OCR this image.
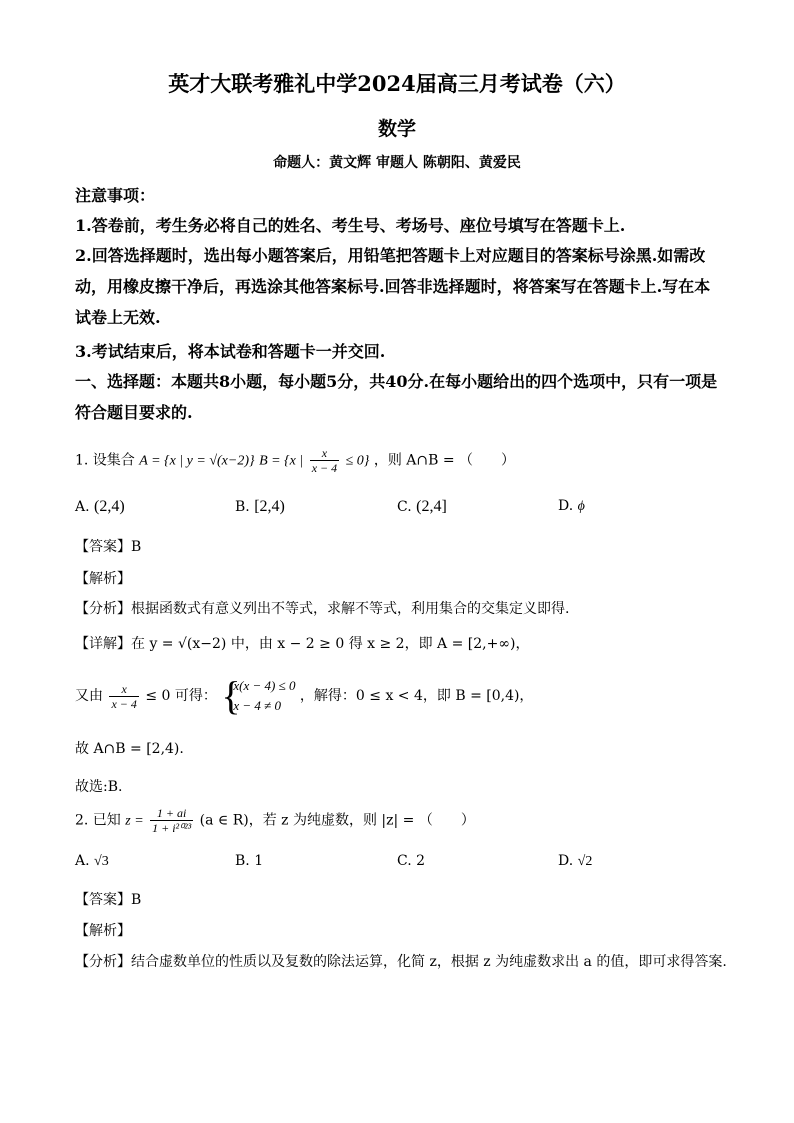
英才大联考雅礼中学2024届高三月考试卷（六）
数学
命题人：黄文辉 审题人 陈朝阳、黄爱民
注意事项：
1.答卷前，考生务必将自己的姓名、考生号、考场号、座位号填写在答题卡上.
2.回答选择题时，选出每小题答案后，用铅笔把答题卡上对应题目的答案标号涂黑.如需改
动，用橡皮擦干净后，再选涂其他答案标号.回答非选择题时，将答案写在答题卡上.写在本
试卷上无效.
3.考试结束后，将本试卷和答题卡一并交回.
一、选择题：本题共8小题，每小题5分，共40分.在每小题给出的四个选项中，只有一项是
符合题目要求的.
1. 设集合 A = {x | y = √(x−2)} B = {x | $\frac{x}{x - 4} \le 0$} ，则 A∩B = （　　）
A. (2,4)	B. [2,4)	C. (2,4]	D. ϕ
【答案】B
【解析】
【分析】根据函数式有意义列出不等式，求解不等式，利用集合的交集定义即得.
【详解】在 y = √(x−2) 中，由 x − 2 ≥ 0 得 x ≥ 2，即 A = [2,+∞)，
又由 $\frac{x}{x - 4} \le 0$ 可得： {
x(x − 4) ≤ 0
x − 4 ≠ 0
，解得：0 ≤ x < 4，即 B = [0,4)，
故 A∩B = [2,4).
故选:B.
2. 已知 $z = \frac{1 + ai}{\text{1 + i²⁰²³}} (a$ ∈ R)，若 z 为纯虚数，则 |z| = （　　）
A. √3	B. 1	C. 2	D. √2
【答案】B
【解析】
【分析】结合虚数单位的性质以及复数的除法运算，化简 z，根据 z 为纯虚数求出 a 的值，即可求得答案.
